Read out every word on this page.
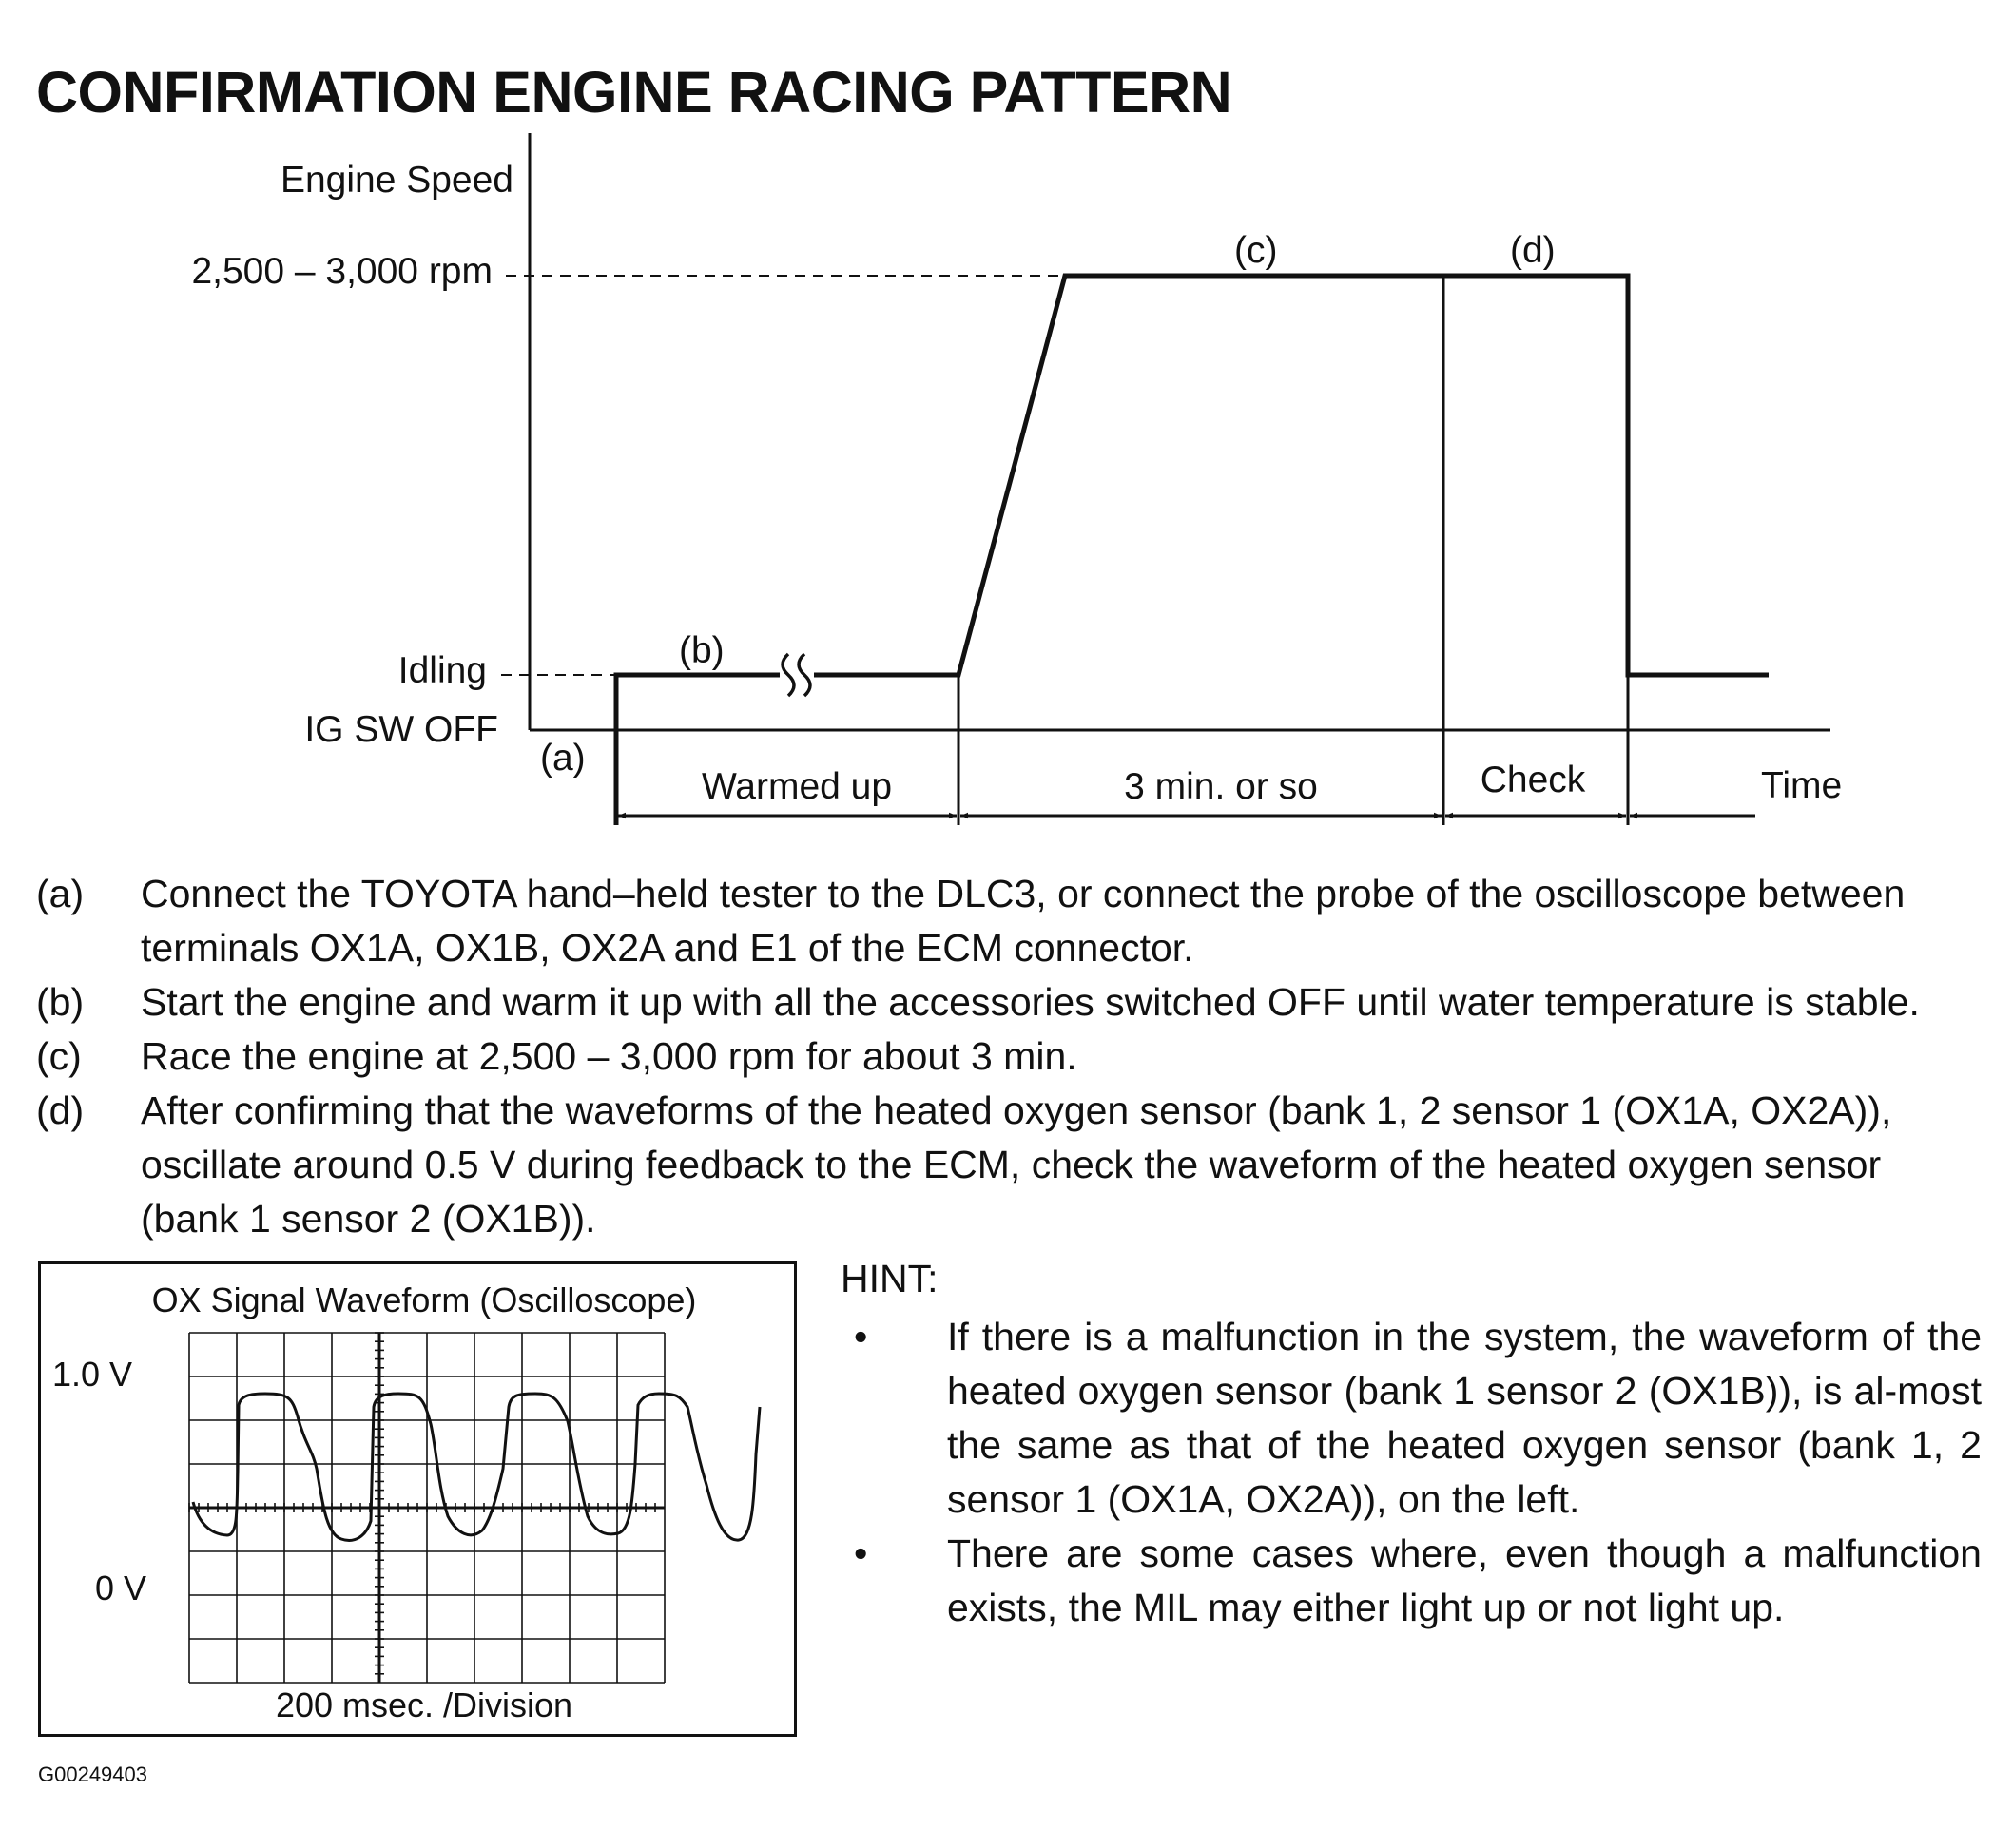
CONFIRMATION ENGINE RACING PATTERN
Engine Speed
2,500 – 3,000 rpm
Idling
IG SW OFF
Time
(a)
(b)
(c)	(d)
Warmed up	3 min. or so	Check
(a)	Connect the TOYOTA hand–held tester to the DLC3, or connect the probe of the oscilloscope between terminals OX1A, OX1B, OX2A and E1 of the ECM connector.
(b)	Start the engine and warm it up with all the accessories switched OFF until water temperature is stable.
(c)	Race the engine at 2,500 – 3,000 rpm for about 3 min.
(d)	After confirming that the waveforms of the heated oxygen sensor (bank 1, 2 sensor 1 (OX1A, OX2A)), oscillate around 0.5 V during feedback to the ECM, check the waveform of the heated oxygen sensor (bank 1 sensor 2 (OX1B)).
OX Signal Waveform (Oscilloscope)
1.0 V
0 V
200 msec. /Division
HINT:
•	If there is a malfunction in the system, the waveform of the heated oxygen sensor (bank 1 sensor 2 (OX1B)), is al-most the same as that of the heated oxygen sensor (bank 1, 2 sensor 1 (OX1A, OX2A)), on the left.
•	There are some cases where, even though a malfunction exists, the MIL may either light up or not light up.
G00249403
